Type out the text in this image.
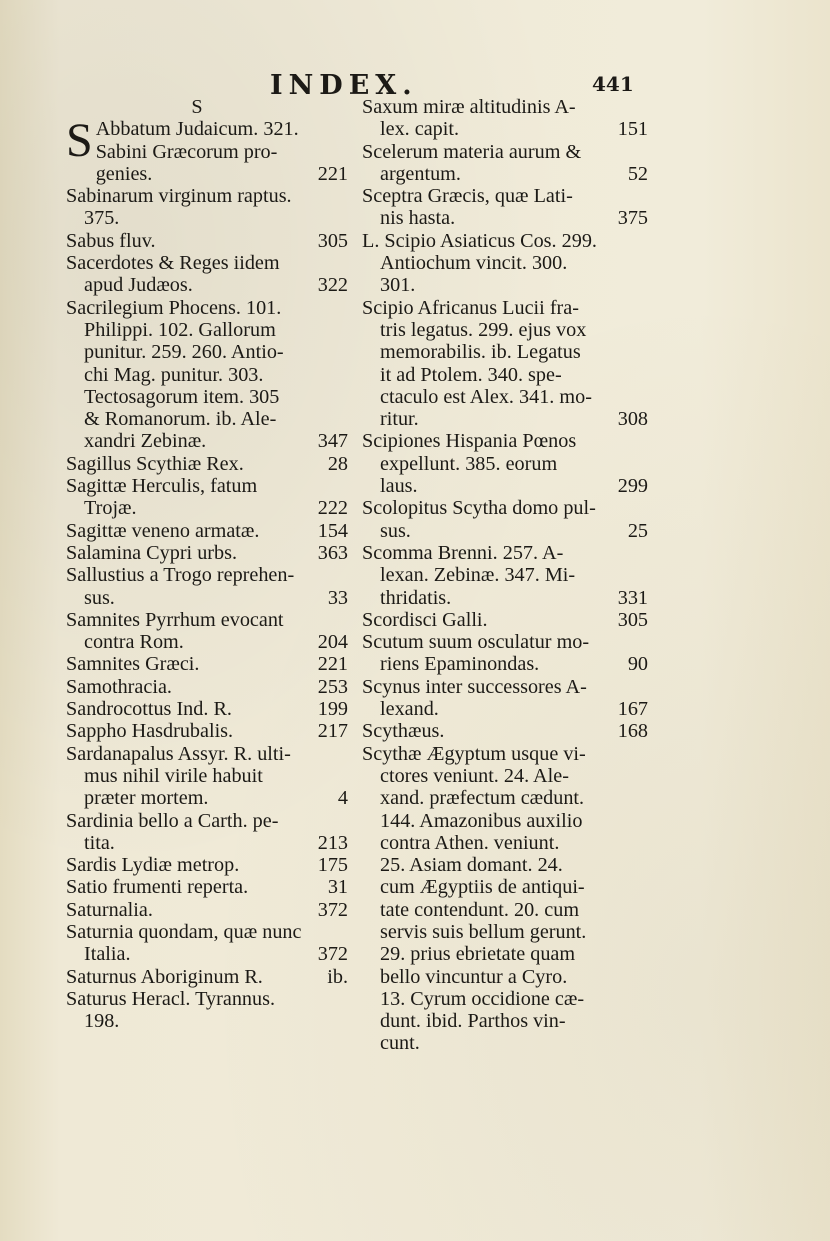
INDEX.	441
S
S Abbatum Judaicum. 321.
Sabini Græcorum pro-
genies.	221
Sabinarum virginum raptus.
375.
Sabus fluv.	305
Sacerdotes & Reges iidem
apud Judæos.	322
Sacrilegium Phocens. 101.
Philippi. 102. Gallorum
punitur. 259. 260. Antio-
chi Mag. punitur. 303.
Tectosagorum item. 305
& Romanorum. ib. Ale-
xandri Zebinæ.	347
Sagillus Scythiæ Rex.	28
Sagittæ Herculis, fatum
Trojæ.	222
Sagittæ veneno armatæ.	154
Salamina Cypri urbs.	363
Sallustius a Trogo reprehen-
sus.	33
Samnites Pyrrhum evocant
contra Rom.	204
Samnites Græci.	221
Samothracia.	253
Sandrocottus Ind. R.	199
Sappho Hasdrubalis.	217
Sardanapalus Assyr. R. ulti-
mus nihil virile habuit
præter mortem.	4
Sardinia bello a Carth. pe-
tita.	213
Sardis Lydiæ metrop.	175
Satio frumenti reperta.	31
Saturnalia.	372
Saturnia quondam, quæ nunc
Italia.	372
Saturnus Aboriginum R.	ib.
Saturus Heracl. Tyrannus.
198.
Saxum miræ altitudinis A-
lex. capit.	151
Scelerum materia aurum &
argentum.	52
Sceptra Græcis, quæ Lati-
nis hasta.	375
L. Scipio Asiaticus Cos. 299.
Antiochum vincit. 300.
301.
Scipio Africanus Lucii fra-
tris legatus. 299. ejus vox
memorabilis. ib. Legatus
it ad Ptolem. 340. spe-
ctaculo est Alex. 341. mo-
ritur.	308
Scipiones Hispania Pœnos
expellunt. 385. eorum
laus.	299
Scolopitus Scytha domo pul-
sus.	25
Scomma Brenni. 257. A-
lexan. Zebinæ. 347. Mi-
thridatis.	331
Scordisci Galli.	305
Scutum suum osculatur mo-
riens Epaminondas.	90
Scynus inter successores A-
lexand.	167
Scythæus.	168
Scythæ Ægyptum usque vi-
ctores veniunt. 24. Ale-
xand. præfectum cædunt.
144. Amazonibus auxilio
contra Athen. veniunt.
25. Asiam domant. 24.
cum Ægyptiis de antiqui-
tate contendunt. 20. cum
servis suis bellum gerunt.
29. prius ebrietate quam
bello vincuntur a Cyro.
13. Cyrum occidione cæ-
dunt. ibid. Parthos vin-
cunt.
